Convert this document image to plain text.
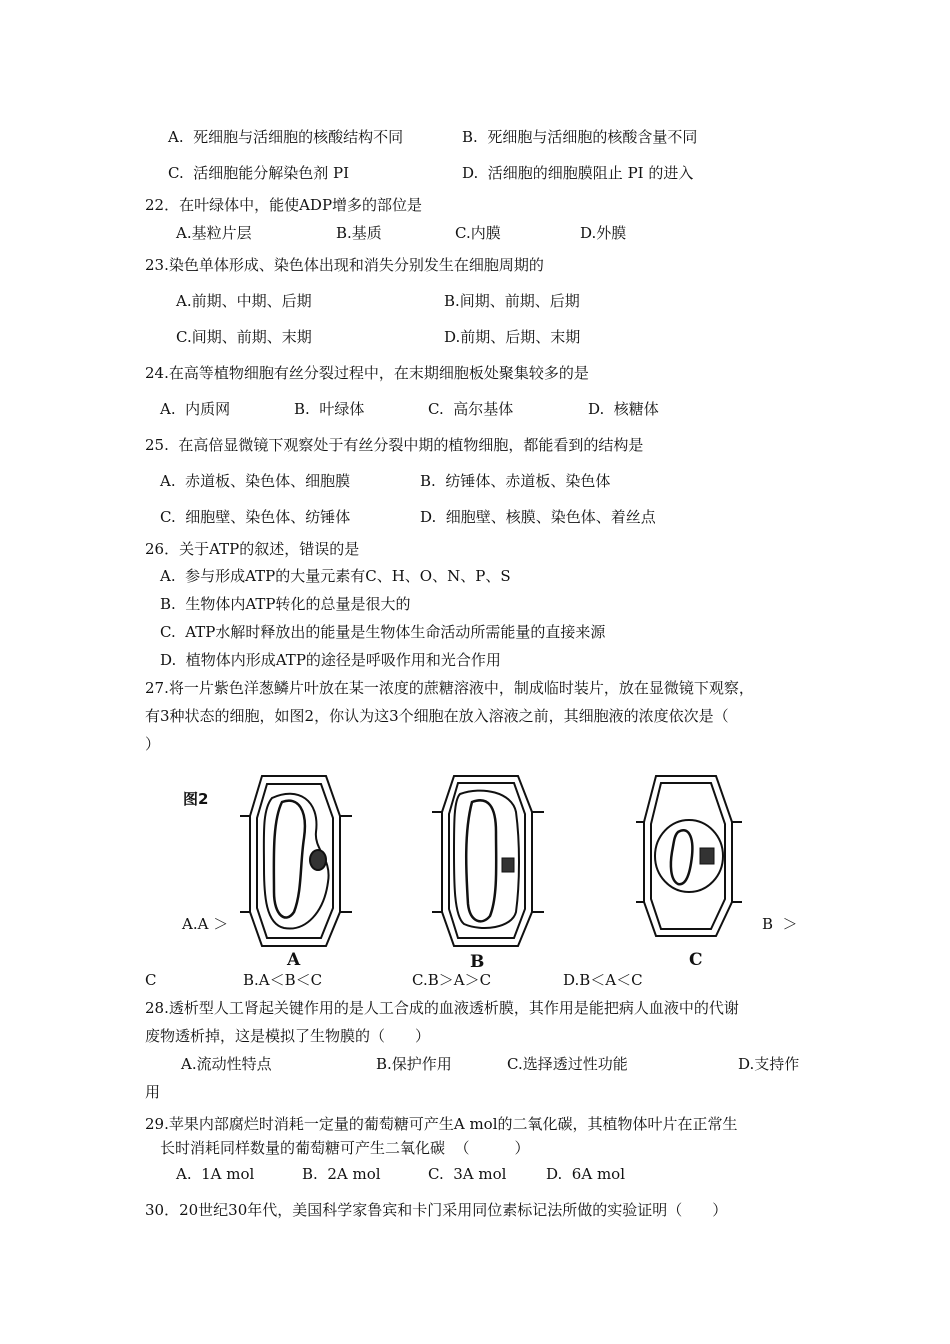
A.  死细胞与活细胞的核酸结构不同	B.  死细胞与活细胞的核酸含量不同
C.  活细胞能分解染色剂 PI	D.  活细胞的细胞膜阻止 PI 的进入
22．在叶绿体中，能使ADP增多的部位是
A.基粒片层	B.基质	C.内膜	D.外膜
23.染色单体形成、染色体出现和消失分别发生在细胞周期的
A.前期、中期、后期	B.间期、前期、后期
C.间期、前期、末期	D.前期、后期、末期
24.在高等植物细胞有丝分裂过程中，在末期细胞板处聚集较多的是
A.  内质网	B.  叶绿体	C.  高尔基体	D.  核糖体
25.  在高倍显微镜下观察处于有丝分裂中期的植物细胞，都能看到的结构是
A.  赤道板、染色体、细胞膜	B.  纺锤体、赤道板、染色体
C.  细胞壁、染色体、纺锤体	D.  细胞壁、核膜、染色体、着丝点
26．关于ATP的叙述，错误的是
A.  参与形成ATP的大量元素有C、H、O、N、P、S
B.  生物体内ATP转化的总量是很大的
C.  ATP水解时释放出的能量是生物体生命活动所需能量的直接来源
D.  植物体内形成ATP的途径是呼吸作用和光合作用
27.将一片紫色洋葱鳞片叶放在某一浓度的蔗糖溶液中，制成临时装片，放在显微镜下观察，
有3种状态的细胞，如图2，你认为这3个细胞在放入溶液之前，其细胞液的浓度依次是（
）
图2
A	B	C
A.A ＞	B  ＞
C	B.A＜B＜C	C.B＞A＞C	D.B＜A＜C
28.透析型人工肾起关键作用的是人工合成的血液透析膜，其作用是能把病人血液中的代谢
废物透析掉，这是模拟了生物膜的（　　）
A.流动性特点	B.保护作用	C.选择透过性功能	D.支持作
用
29.苹果内部腐烂时消耗一定量的葡萄糖可产生A mol的二氧化碳，其植物体叶片在正常生
长时消耗同样数量的葡萄糖可产生二氧化碳  （　　　）
A.  1A mol	B.  2A mol	C.  3A mol	D.  6A mol
30．20世纪30年代，美国科学家鲁宾和卡门采用同位素标记法所做的实验证明（　　）
